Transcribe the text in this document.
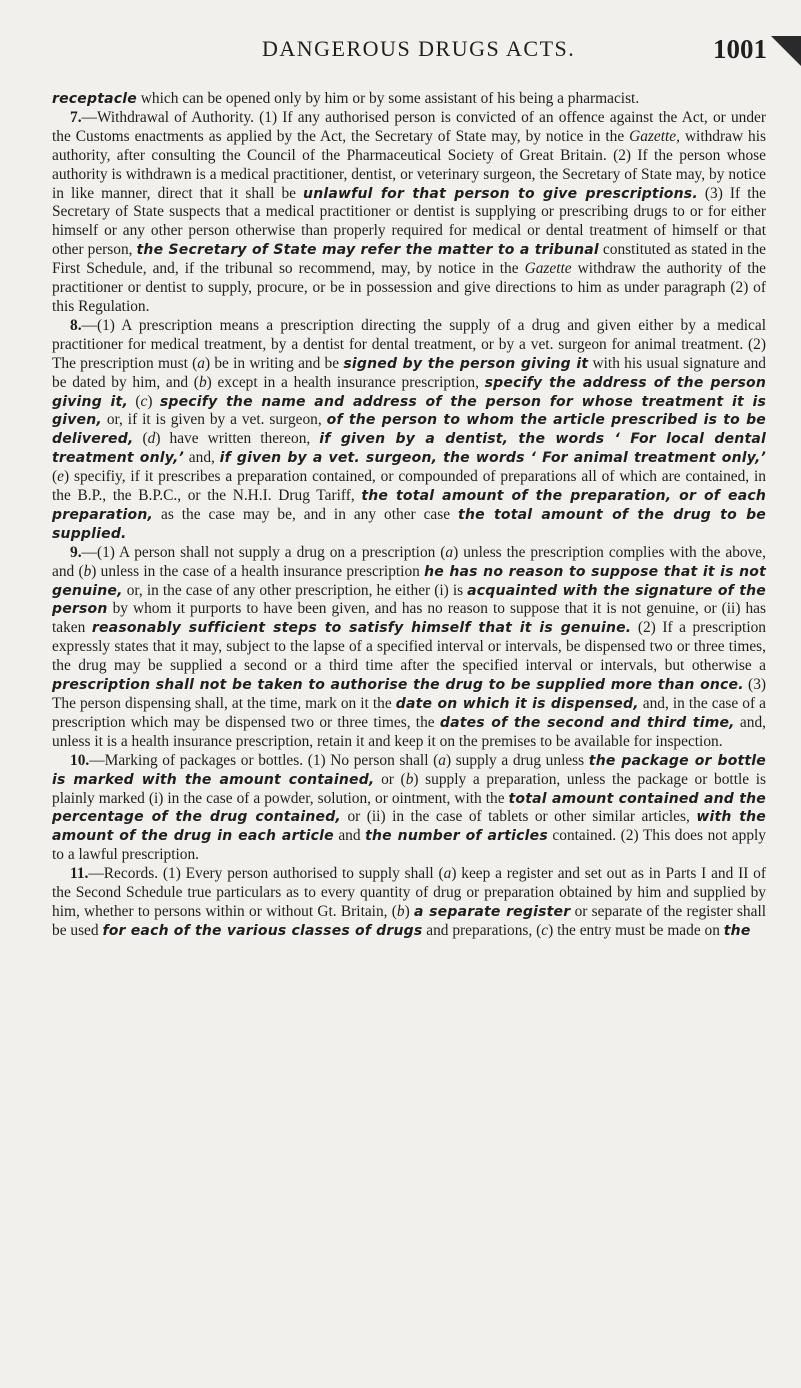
DANGEROUS DRUGS ACTS.	1001

receptacle which can be opened only by him or by some assistant of his being a pharmacist.

7.—Withdrawal of Authority. (1) If any authorised person is convicted of an offence against the Act, or under the Customs enactments as applied by the Act, the Secretary of State may, by notice in the Gazette, withdraw his authority, after consulting the Council of the Pharmaceutical Society of Great Britain. (2) If the person whose authority is withdrawn is a medical practitioner, dentist, or veterinary surgeon, the Secretary of State may, by notice in like manner, direct that it shall be unlawful for that person to give prescriptions. (3) If the Secretary of State suspects that a medical practitioner or dentist is supplying or prescribing drugs to or for either himself or any other person otherwise than properly required for medical or dental treatment of himself or that other person, the Secretary of State may refer the matter to a tribunal constituted as stated in the First Schedule, and, if the tribunal so recommend, may, by notice in the Gazette withdraw the authority of the practitioner or dentist to supply, procure, or be in possession and give directions to him as under paragraph (2) of this Regulation.

8.—(1) A prescription means a prescription directing the supply of a drug and given either by a medical practitioner for medical treatment, by a dentist for dental treatment, or by a vet. surgeon for animal treatment. (2) The prescription must (a) be in writing and be signed by the person giving it with his usual signature and be dated by him, and (b) except in a health insurance prescription, specify the address of the person giving it, (c) specify the name and address of the person for whose treatment it is given, or, if it is given by a vet. surgeon, of the person to whom the article prescribed is to be delivered, (d) have written thereon, if given by a dentist, the words ‘ For local dental treatment only,’ and, if given by a vet. surgeon, the words ‘ For animal treatment only,’ (e) specifiy, if it prescribes a preparation contained, or compounded of preparations all of which are contained, in the B.P., the B.P.C., or the N.H.I. Drug Tariff, the total amount of the preparation, or of each preparation, as the case may be, and in any other case the total amount of the drug to be supplied.

9.—(1) A person shall not supply a drug on a prescription (a) unless the prescription complies with the above, and (b) unless in the case of a health insurance prescription he has no reason to suppose that it is not genuine, or, in the case of any other prescription, he either (i) is acquainted with the signature of the person by whom it purports to have been given, and has no reason to suppose that it is not genuine, or (ii) has taken reasonably sufficient steps to satisfy himself that it is genuine. (2) If a prescription expressly states that it may, subject to the lapse of a specified interval or intervals, be dispensed two or three times, the drug may be supplied a second or a third time after the specified interval or intervals, but otherwise a prescription shall not be taken to authorise the drug to be supplied more than once. (3) The person dispensing shall, at the time, mark on it the date on which it is dispensed, and, in the case of a prescription which may be dispensed two or three times, the dates of the second and third time, and, unless it is a health insurance prescription, retain it and keep it on the premises to be available for inspection.

10.—Marking of packages or bottles. (1) No person shall (a) supply a drug unless the package or bottle is marked with the amount contained, or (b) supply a preparation, unless the package or bottle is plainly marked (i) in the case of a powder, solution, or ointment, with the total amount contained and the percentage of the drug contained, or (ii) in the case of tablets or other similar articles, with the amount of the drug in each article and the number of articles contained. (2) This does not apply to a lawful prescription.

11.—Records. (1) Every person authorised to supply shall (a) keep a register and set out as in Parts I and II of the Second Schedule true particulars as to every quantity of drug or preparation obtained by him and supplied by him, whether to persons within or without Gt. Britain, (b) a separate register or separate of the register shall be used for each of the various classes of drugs and preparations, (c) the entry must be made on the
